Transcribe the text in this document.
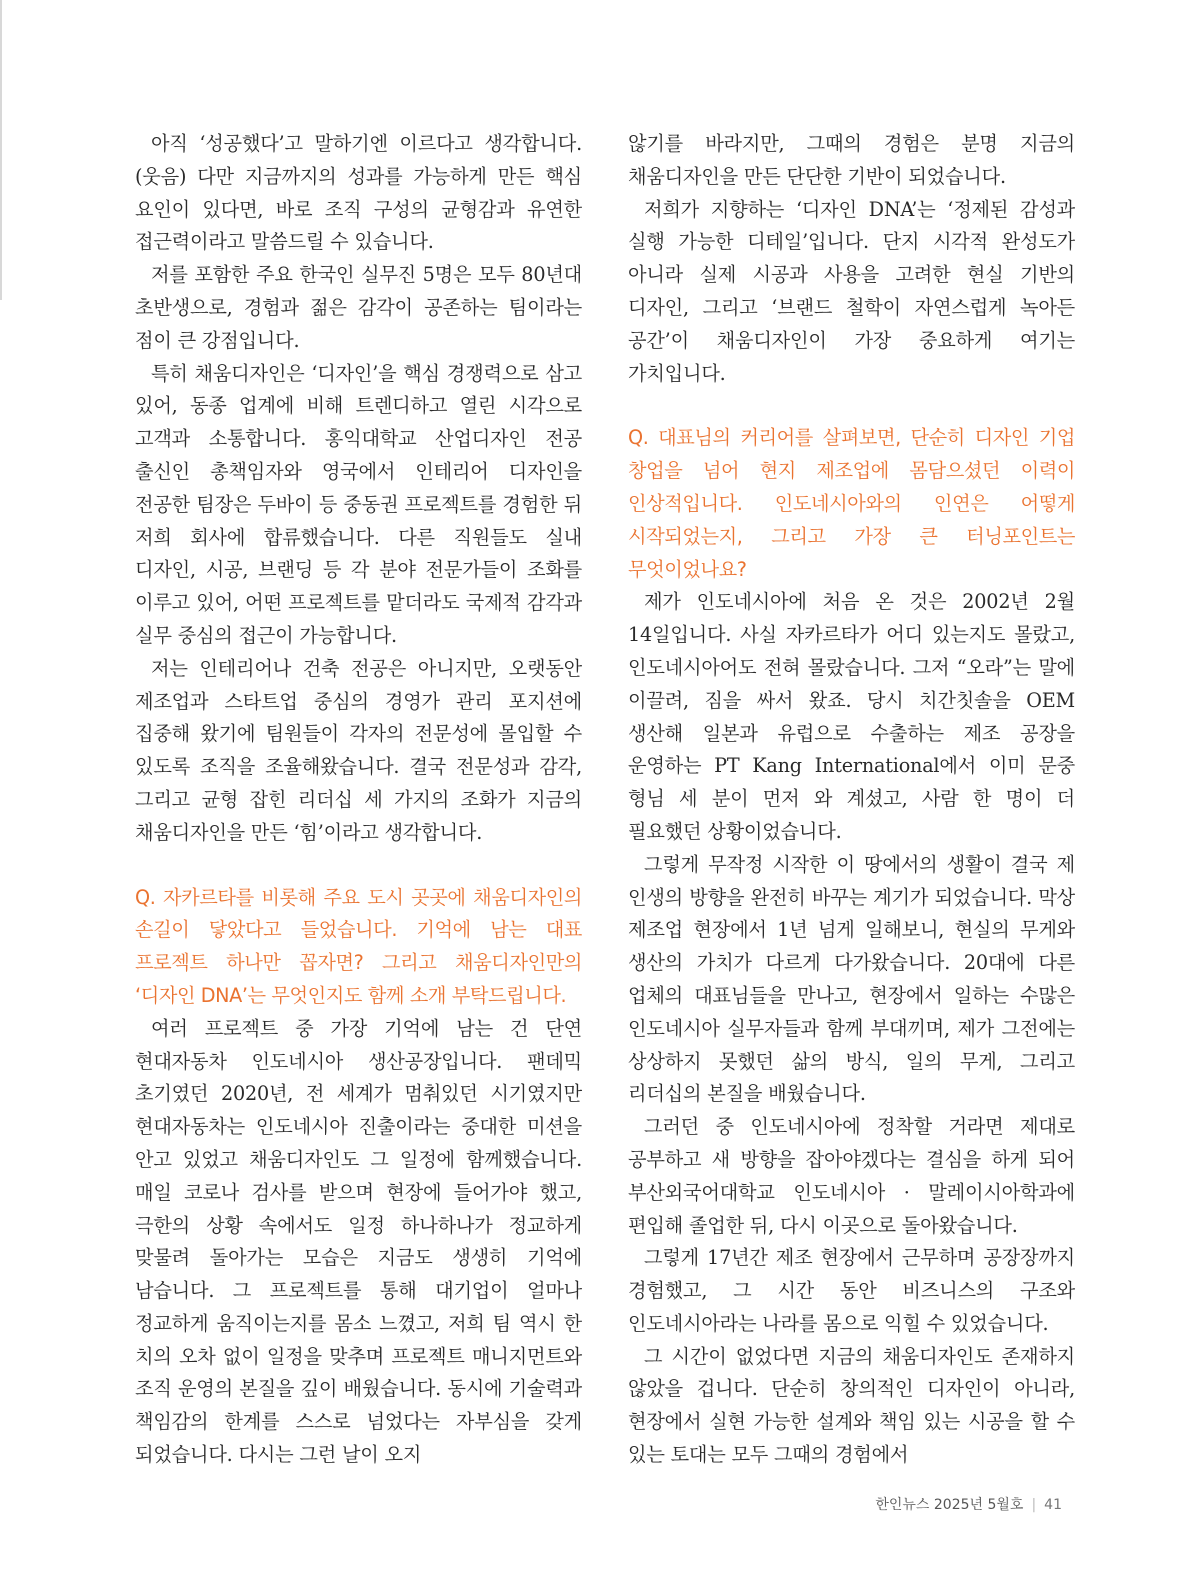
아직 ‘성공했다’고 말하기엔 이르다고 생각합니다. (웃음) 다만 지금까지의 성과를 가능하게 만든 핵심 요인이 있다면, 바로 조직 구성의 균형감과 유연한 접근력이라고 말씀드릴 수 있습니다.

저를 포함한 주요 한국인 실무진 5명은 모두 80년대 초반생으로, 경험과 젊은 감각이 공존하는 팀이라는 점이 큰 강점입니다.

특히 채움디자인은 ‘디자인’을 핵심 경쟁력으로 삼고 있어, 동종 업계에 비해 트렌디하고 열린 시각으로 고객과 소통합니다. 홍익대학교 산업디자인 전공 출신인 총책임자와 영국에서 인테리어 디자인을 전공한 팀장은 두바이 등 중동권 프로젝트를 경험한 뒤 저희 회사에 합류했습니다. 다른 직원들도 실내 디자인, 시공, 브랜딩 등 각 분야 전문가들이 조화를 이루고 있어, 어떤 프로젝트를 맡더라도 국제적 감각과 실무 중심의 접근이 가능합니다.

저는 인테리어나 건축 전공은 아니지만, 오랫동안 제조업과 스타트업 중심의 경영가 관리 포지션에 집중해 왔기에 팀원들이 각자의 전문성에 몰입할 수 있도록 조직을 조율해왔습니다. 결국 전문성과 감각, 그리고 균형 잡힌 리더십 세 가지의 조화가 지금의 채움디자인을 만든 ‘힘’이라고 생각합니다.

Q. 자카르타를 비롯해 주요 도시 곳곳에 채움디자인의 손길이 닿았다고 들었습니다. 기억에 남는 대표 프로젝트 하나만 꼽자면? 그리고 채움디자인만의 ‘디자인 DNA’는 무엇인지도 함께 소개 부탁드립니다.

여러 프로젝트 중 가장 기억에 남는 건 단연 현대자동차 인도네시아 생산공장입니다. 팬데믹 초기였던 2020년, 전 세계가 멈춰있던 시기였지만 현대자동차는 인도네시아 진출이라는 중대한 미션을 안고 있었고 채움디자인도 그 일정에 함께했습니다. 매일 코로나 검사를 받으며 현장에 들어가야 했고, 극한의 상황 속에서도 일정 하나하나가 정교하게 맞물려 돌아가는 모습은 지금도 생생히 기억에 남습니다. 그 프로젝트를 통해 대기업이 얼마나 정교하게 움직이는지를 몸소 느꼈고, 저희 팀 역시 한 치의 오차 없이 일정을 맞추며 프로젝트 매니지먼트와 조직 운영의 본질을 깊이 배웠습니다. 동시에 기술력과 책임감의 한계를 스스로 넘었다는 자부심을 갖게 되었습니다. 다시는 그런 날이 오지

않기를 바라지만, 그때의 경험은 분명 지금의 채움디자인을 만든 단단한 기반이 되었습니다.

저희가 지향하는 ‘디자인 DNA’는 ‘정제된 감성과 실행 가능한 디테일’입니다. 단지 시각적 완성도가 아니라 실제 시공과 사용을 고려한 현실 기반의 디자인, 그리고 ‘브랜드 철학이 자연스럽게 녹아든 공간’이 채움디자인이 가장 중요하게 여기는 가치입니다.

Q. 대표님의 커리어를 살펴보면, 단순히 디자인 기업 창업을 넘어 현지 제조업에 몸담으셨던 이력이 인상적입니다. 인도네시아와의 인연은 어떻게 시작되었는지, 그리고 가장 큰 터닝포인트는 무엇이었나요?

제가 인도네시아에 처음 온 것은 2002년 2월 14일입니다. 사실 자카르타가 어디 있는지도 몰랐고, 인도네시아어도 전혀 몰랐습니다. 그저 “오라”는 말에 이끌려, 짐을 싸서 왔죠. 당시 치간칫솔을 OEM 생산해 일본과 유럽으로 수출하는 제조 공장을 운영하는 PT Kang International에서 이미 문중 형님 세 분이 먼저 와 계셨고, 사람 한 명이 더 필요했던 상황이었습니다.

그렇게 무작정 시작한 이 땅에서의 생활이 결국 제 인생의 방향을 완전히 바꾸는 계기가 되었습니다. 막상 제조업 현장에서 1년 넘게 일해보니, 현실의 무게와 생산의 가치가 다르게 다가왔습니다. 20대에 다른 업체의 대표님들을 만나고, 현장에서 일하는 수많은 인도네시아 실무자들과 함께 부대끼며, 제가 그전에는 상상하지 못했던 삶의 방식, 일의 무게, 그리고 리더십의 본질을 배웠습니다.

그러던 중 인도네시아에 정착할 거라면 제대로 공부하고 새 방향을 잡아야겠다는 결심을 하게 되어 부산외국어대학교 인도네시아 · 말레이시아학과에 편입해 졸업한 뒤, 다시 이곳으로 돌아왔습니다.

그렇게 17년간 제조 현장에서 근무하며 공장장까지 경험했고, 그 시간 동안 비즈니스의 구조와 인도네시아라는 나라를 몸으로 익힐 수 있었습니다.

그 시간이 없었다면 지금의 채움디자인도 존재하지 않았을 겁니다. 단순히 창의적인 디자인이 아니라, 현장에서 실현 가능한 설계와 책임 있는 시공을 할 수 있는 토대는 모두 그때의 경험에서

한인뉴스 2025년 5월호 | 41
